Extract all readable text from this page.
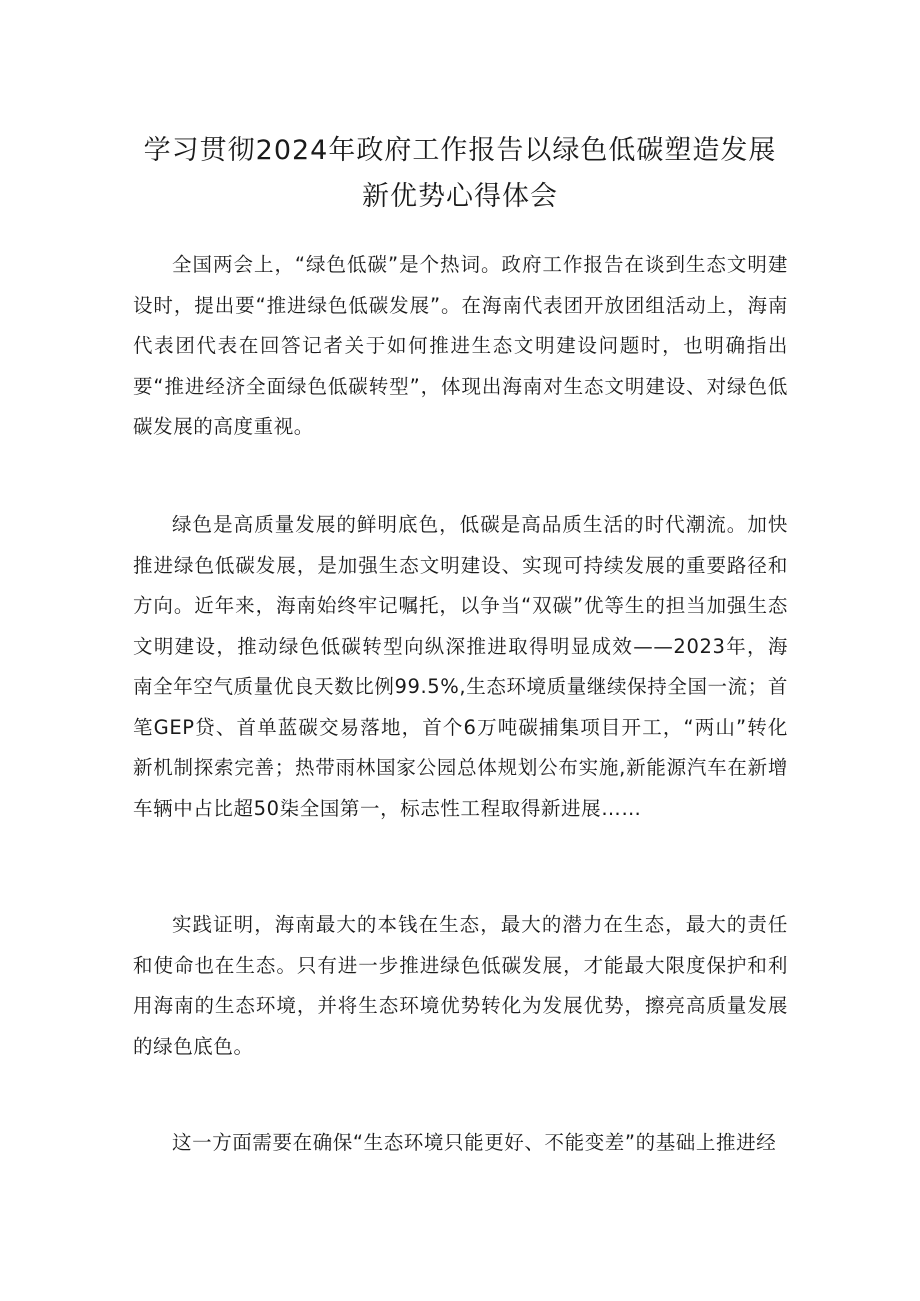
学习贯彻2024年政府工作报告以绿色低碳塑造发展
新优势心得体会

全国两会上，“绿色低碳”是个热词。政府工作报告在谈到生态文明建设时，提出要“推进绿色低碳发展”。在海南代表团开放团组活动上，海南代表团代表在回答记者关于如何推进生态文明建设问题时，也明确指出要“推进经济全面绿色低碳转型”，体现出海南对生态文明建设、对绿色低碳发展的高度重视。

绿色是高质量发展的鲜明底色，低碳是高品质生活的时代潮流。加快推进绿色低碳发展，是加强生态文明建设、实现可持续发展的重要路径和方向。近年来，海南始终牢记嘱托，以争当“双碳”优等生的担当加强生态文明建设，推动绿色低碳转型向纵深推进取得明显成效——2023年，海南全年空气质量优良天数比例99.5%,生态环境质量继续保持全国一流；首笔GEP贷、首单蓝碳交易落地，首个6万吨碳捕集项目开工，“两山”转化新机制探索完善；热带雨林国家公园总体规划公布实施,新能源汽车在新增车辆中占比超50柒全国第一，标志性工程取得新进展……

实践证明，海南最大的本钱在生态，最大的潜力在生态，最大的责任和使命也在生态。只有进一步推进绿色低碳发展，才能最大限度保护和利用海南的生态环境，并将生态环境优势转化为发展优势，擦亮高质量发展的绿色底色。

这一方面需要在确保“生态环境只能更好、不能变差”的基础上推进经
